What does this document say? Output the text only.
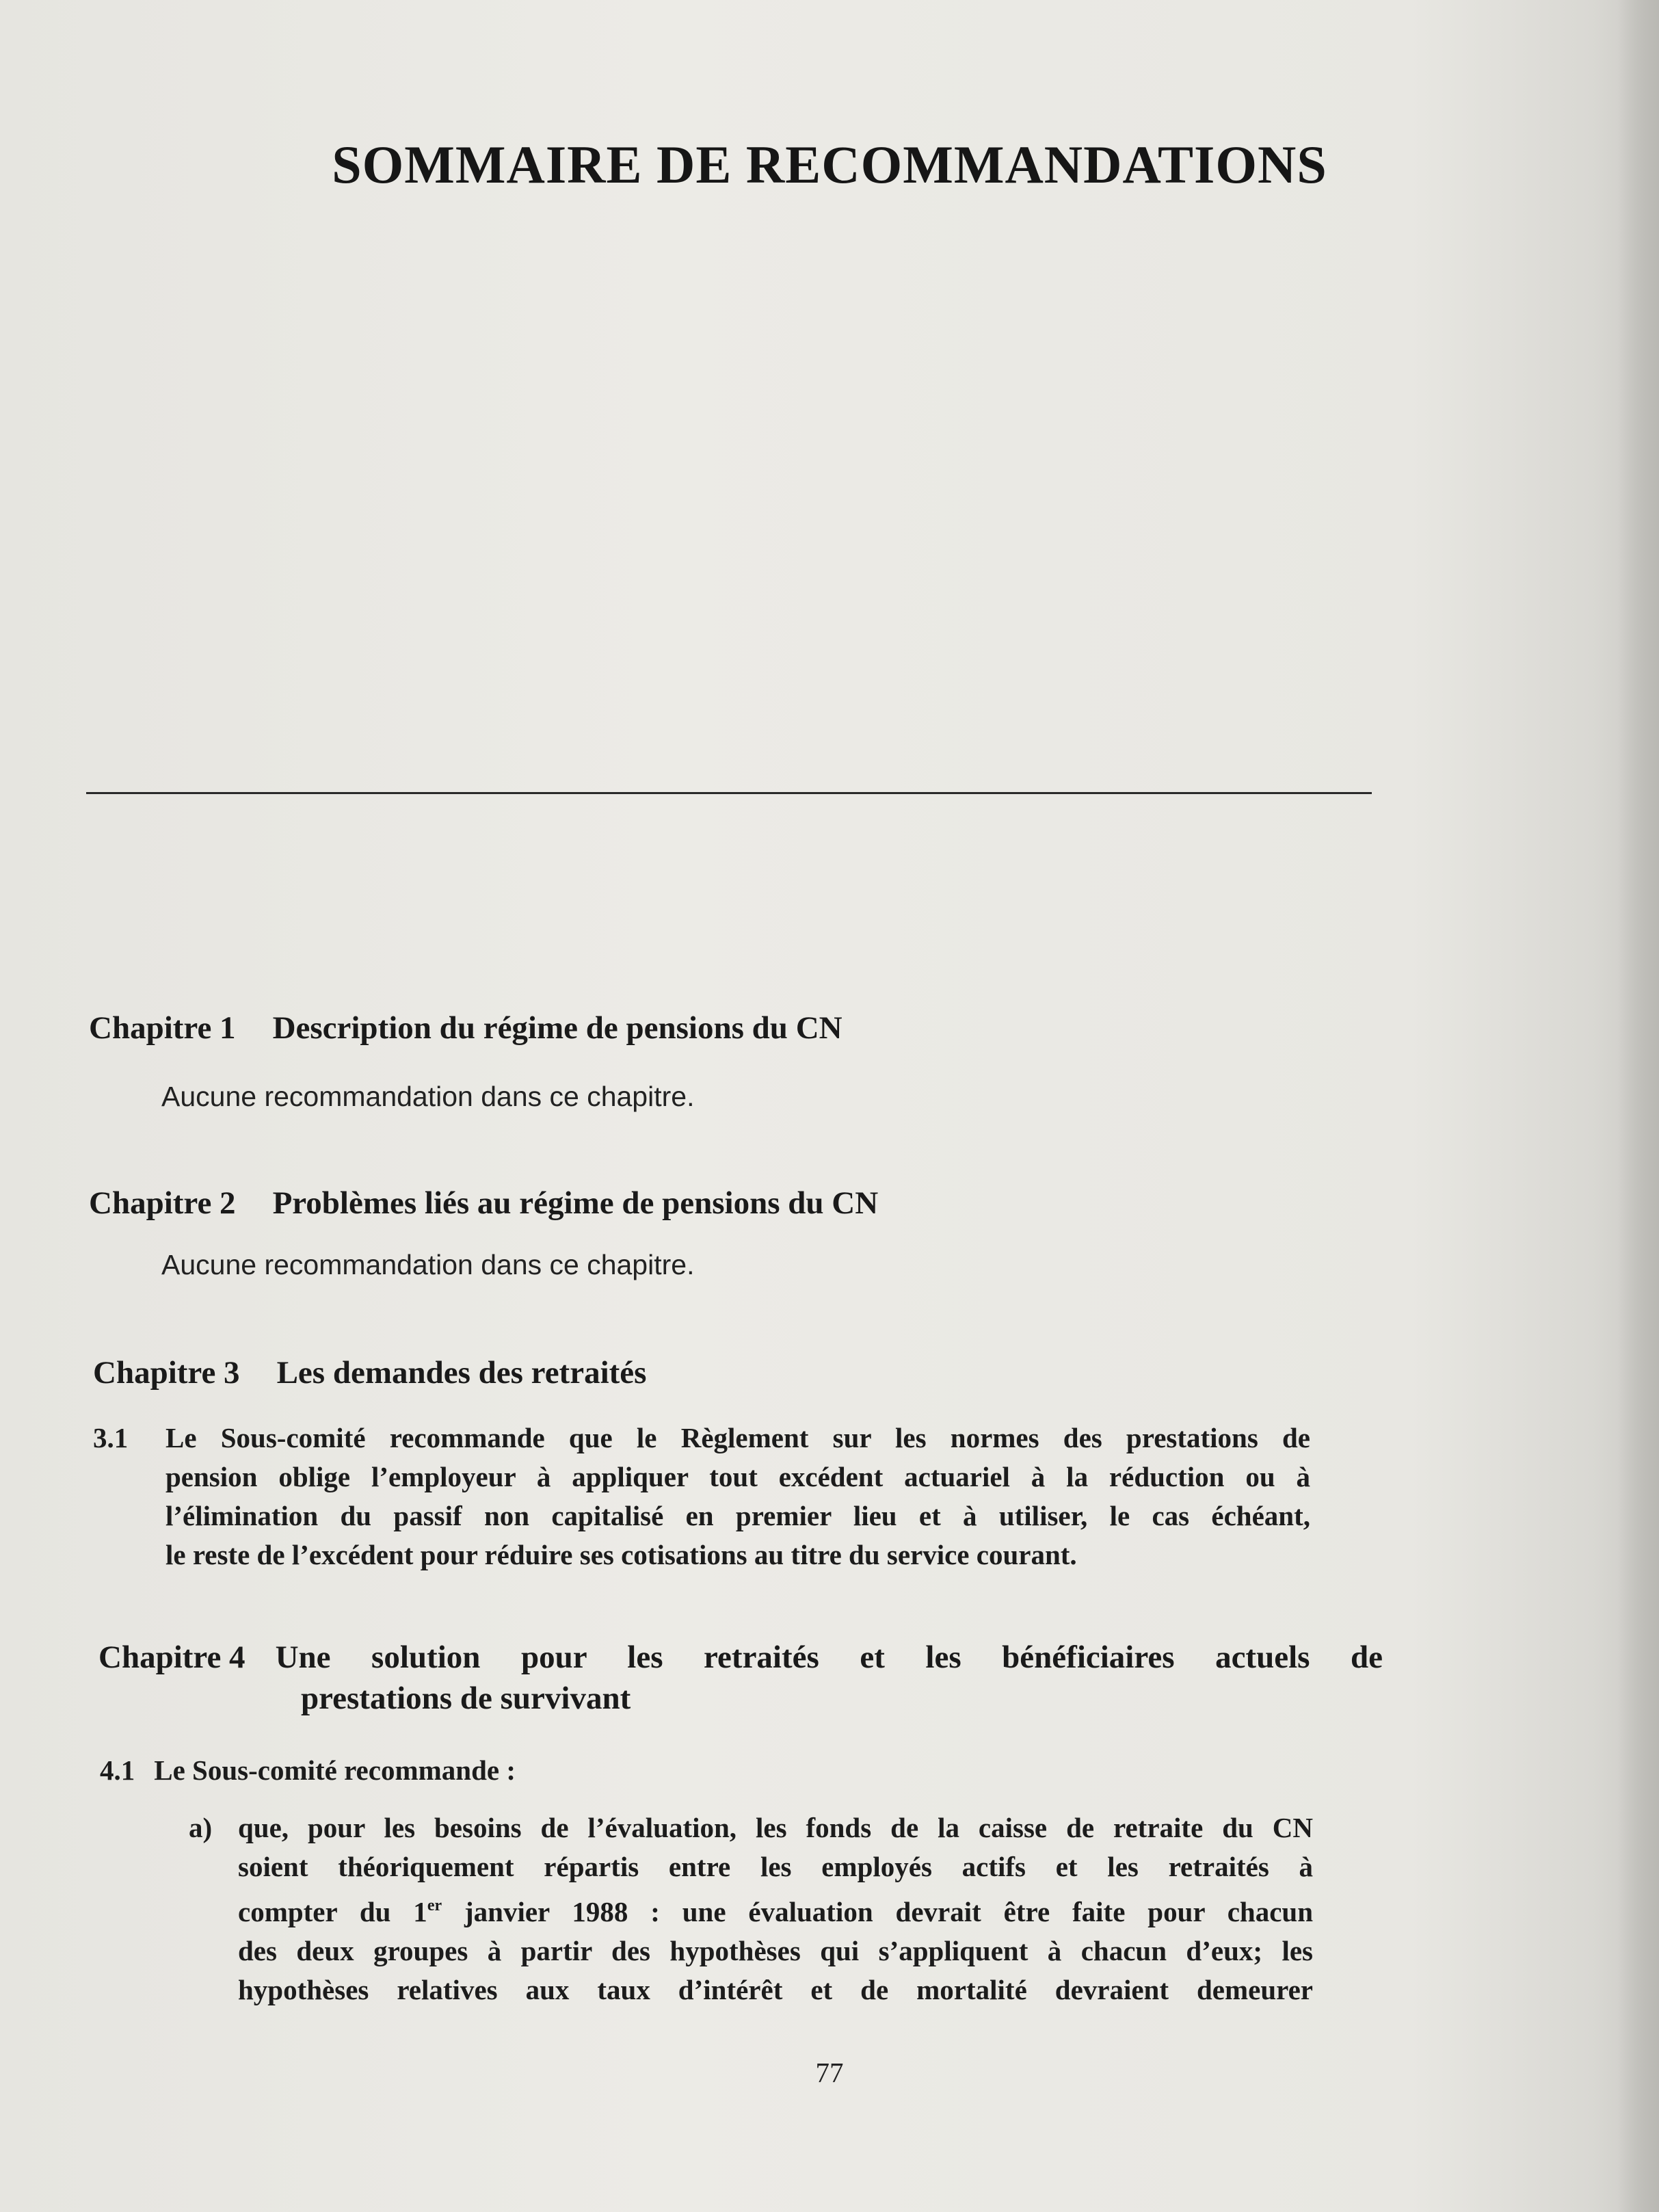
SOMMAIRE DE RECOMMANDATIONS
Chapitre 1 Description du régime de pensions du CN
Aucune recommandation dans ce chapitre.
Chapitre 2 Problèmes liés au régime de pensions du CN
Aucune recommandation dans ce chapitre.
Chapitre 3 Les demandes des retraités
3.1 Le Sous-comité recommande que le Règlement sur les normes des prestations de
pension oblige l’employeur à appliquer tout excédent actuariel à la réduction ou à
l’élimination du passif non capitalisé en premier lieu et à utiliser, le cas échéant,
le reste de l’excédent pour réduire ses cotisations au titre du service courant.
Chapitre 4 Une solution pour les retraités et les bénéficiaires actuels de
prestations de survivant
4.1 Le Sous-comité recommande :
a) que, pour les besoins de l’évaluation, les fonds de la caisse de retraite du CN
soient théoriquement répartis entre les employés actifs et les retraités à
compter du 1er janvier 1988 : une évaluation devrait être faite pour chacun
des deux groupes à partir des hypothèses qui s’appliquent à chacun d’eux; les
hypothèses relatives aux taux d’intérêt et de mortalité devraient demeurer
77
